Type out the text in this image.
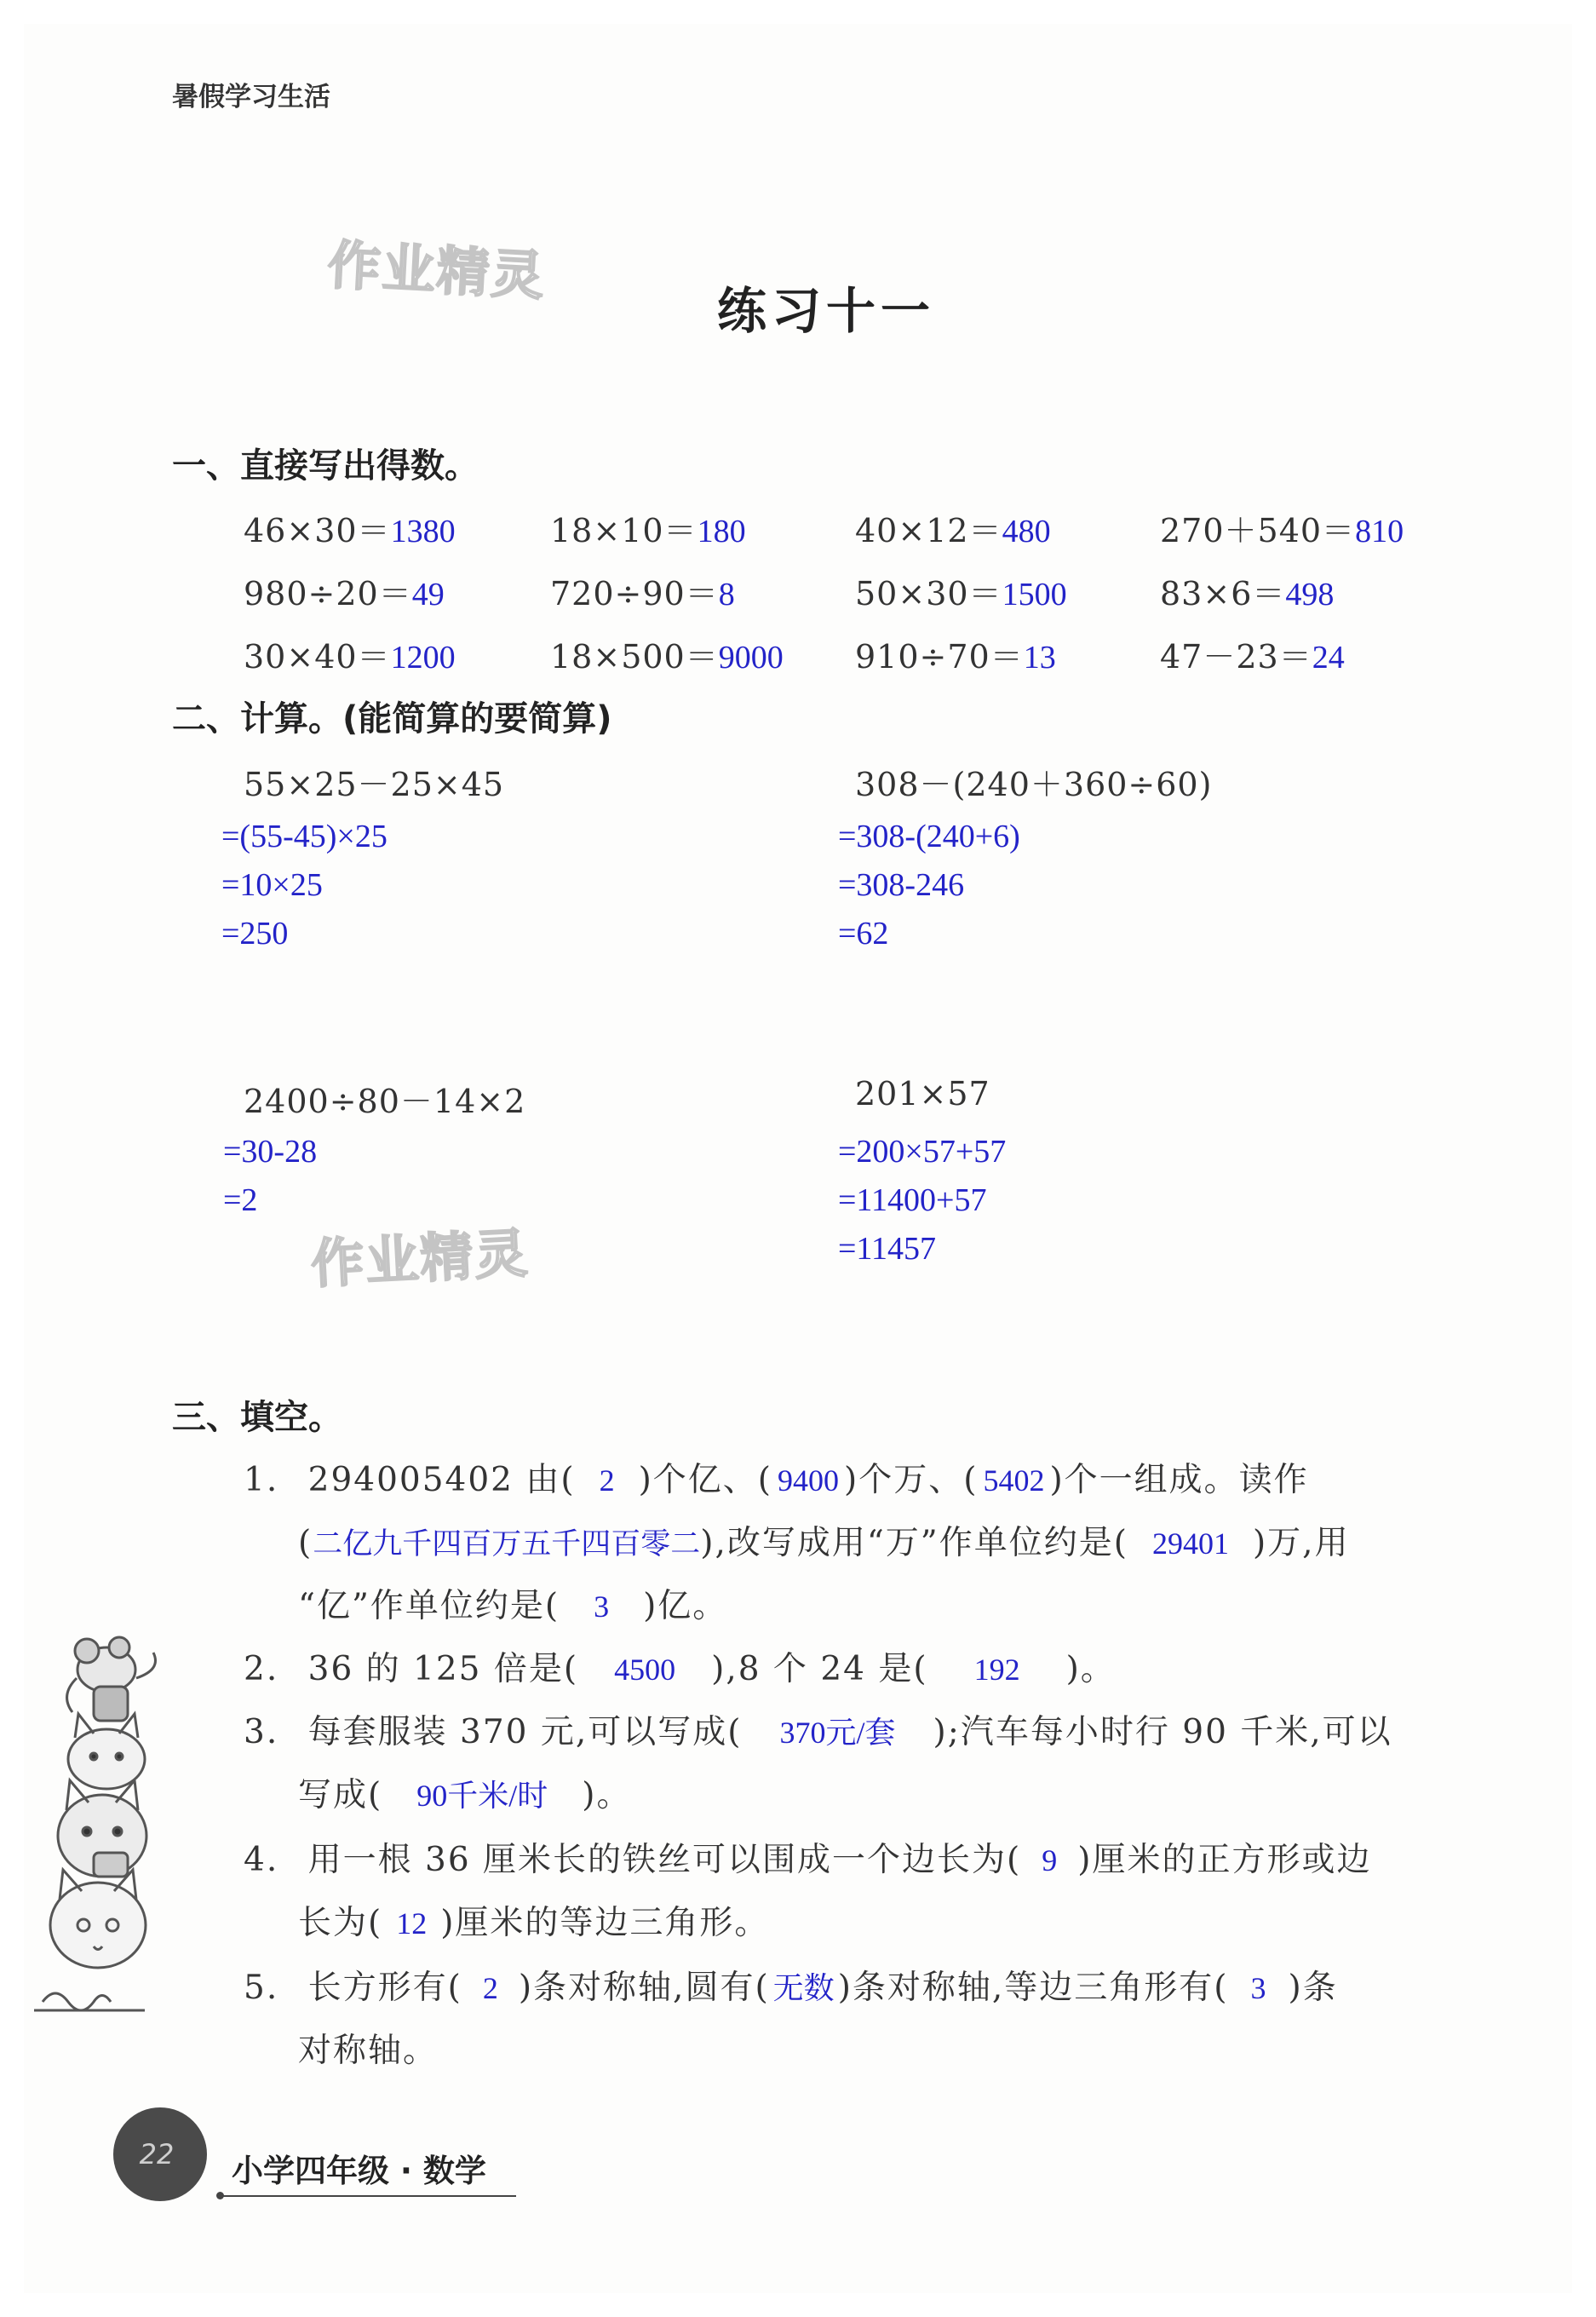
暑假学习生活
作业精灵
作业精灵
练习十一
一、直接写出得数。
46×30＝1380	18×10＝180	40×12＝480	270＋540＝810
980÷20＝49	720÷90＝8	50×30＝1500	83×6＝498
30×40＝1200	18×500＝9000 910÷70＝13	47－23＝24
二、计算。(能简算的要简算)
55×25－25×45
=(55-45)×25
=10×25
=250
308－(240＋360÷60)
=308-(240+6)
=308-246
=62
2400÷80－14×2
=30-28
=2
201×57
=200×57+57
=11400+57
=11457
三、填空。
1. 294005402 由( 2 )个亿、( 9400 )个万、( 5402 )个一组成。读作
(二亿九千四百万五千四百零二),改写成用“万”作单位约是( 29401 )万,用
“亿”作单位约是( 3 )亿。
2. 36 的 125 倍是( 4500 ),8 个 24 是( 192 )。
3. 每套服装 370 元,可以写成( 370元/套 );汽车每小时行 90 千米,可以
写成( 90千米/时 )。
4. 用一根 36 厘米长的铁丝可以围成一个边长为( 9 )厘米的正方形或边
长为( 12 )厘米的等边三角形。
5. 长方形有( 2 )条对称轴,圆有( 无数 )条对称轴,等边三角形有( 3 )条
对称轴。
22	小学四年级 · 数学
